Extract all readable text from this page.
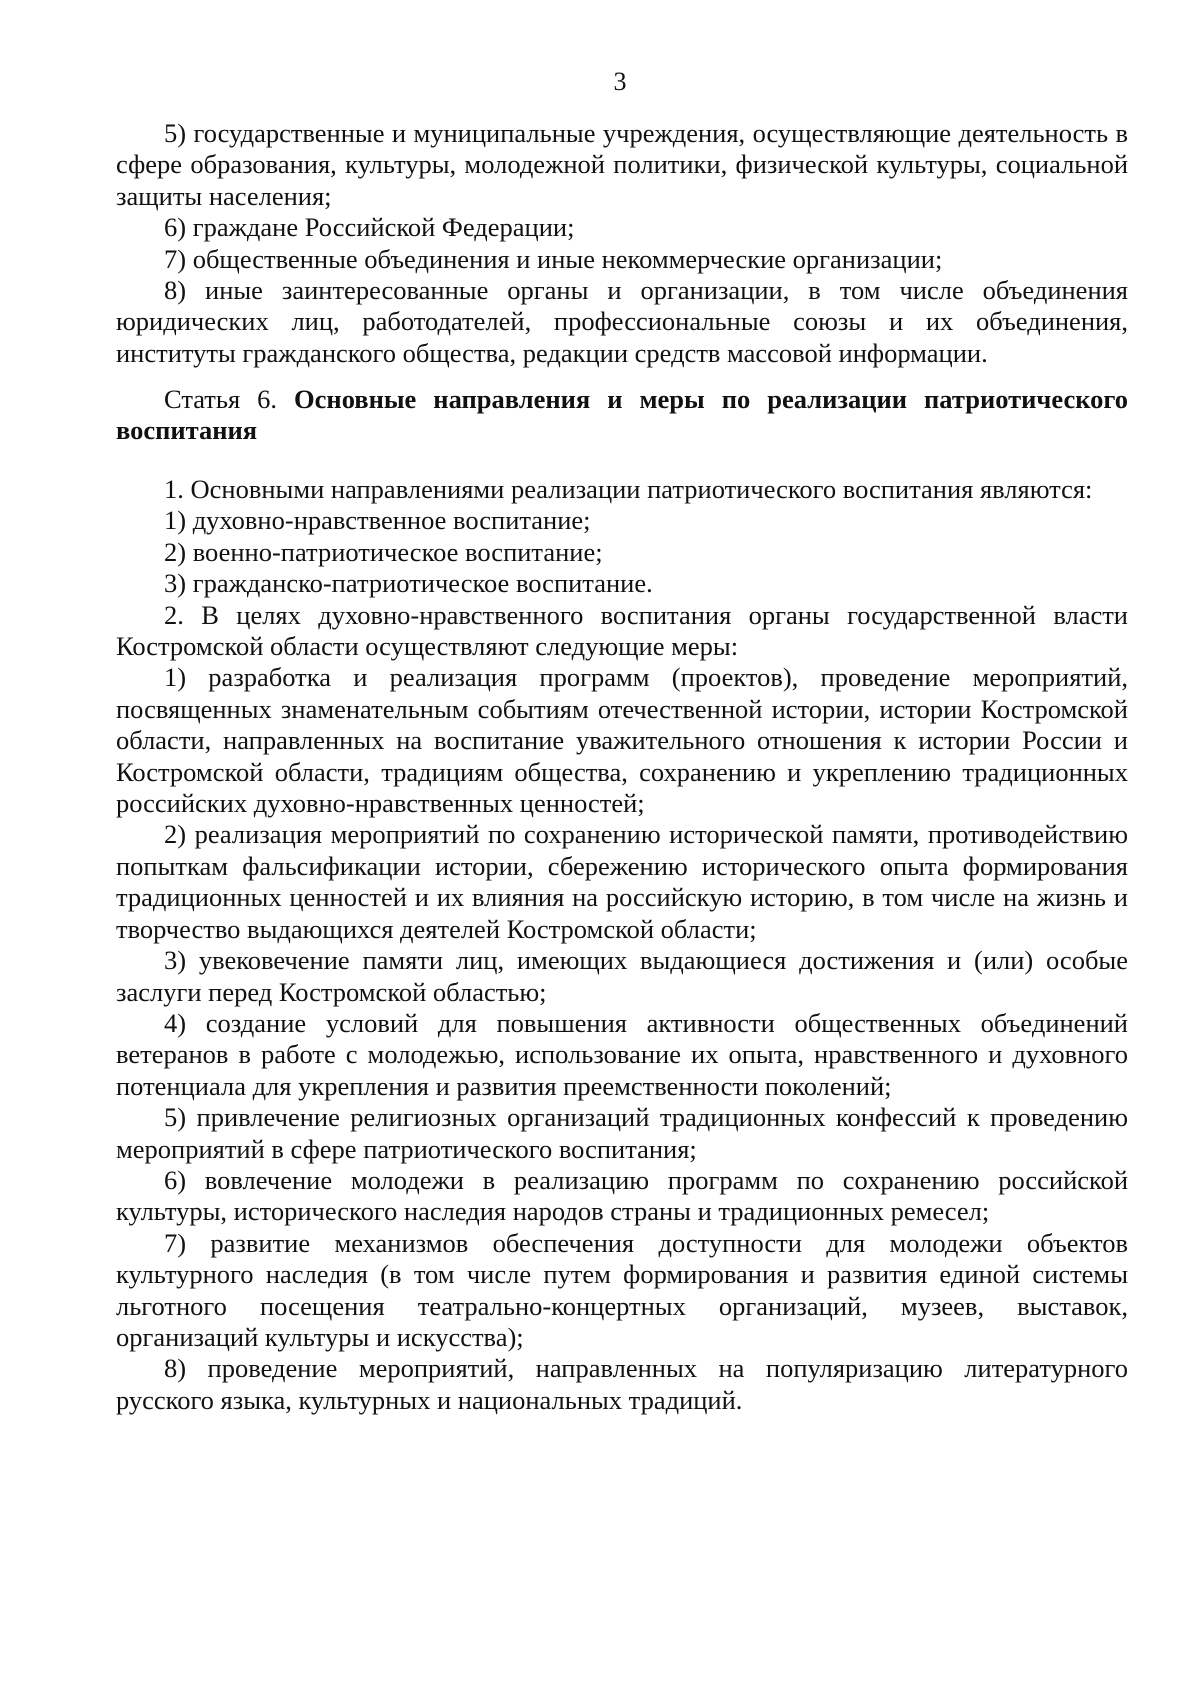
3

5) государственные и муниципальные учреждения, осуществляющие деятельность в сфере образования, культуры, молодежной политики, физической культуры, социальной защиты населения;

6) граждане Российской Федерации;

7) общественные объединения и иные некоммерческие организации;

8) иные заинтересованные органы и организации, в том числе объединения юридических лиц, работодателей, профессиональные союзы и их объединения, институты гражданского общества, редакции средств массовой информации.

Статья 6. Основные направления и меры по реализации патриотического воспитания

1. Основными направлениями реализации патриотического воспитания являются:

1) духовно-нравственное воспитание;

2) военно-патриотическое воспитание;

3) гражданско-патриотическое воспитание.

2. В целях духовно-нравственного воспитания органы государственной власти Костромской области осуществляют следующие меры:

1) разработка и реализация программ (проектов), проведение мероприятий, посвященных знаменательным событиям отечественной истории, истории Костромской области, направленных на воспитание уважительного отношения к истории России и Костромской области, традициям общества, сохранению и укреплению традиционных российских духовно-нравственных ценностей;

2) реализация мероприятий по сохранению исторической памяти, противодействию попыткам фальсификации истории, сбережению исторического опыта формирования традиционных ценностей и их влияния на российскую историю, в том числе на жизнь и творчество выдающихся деятелей Костромской области;

3) увековечение памяти лиц, имеющих выдающиеся достижения и (или) особые заслуги перед Костромской областью;

4) создание условий для повышения активности общественных объединений ветеранов в работе с молодежью, использование их опыта, нравственного и духовного потенциала для укрепления и развития преемственности поколений;

5) привлечение религиозных организаций традиционных конфессий к проведению мероприятий в сфере патриотического воспитания;

6) вовлечение молодежи в реализацию программ по сохранению российской культуры, исторического наследия народов страны и традиционных ремесел;

7) развитие механизмов обеспечения доступности для молодежи объектов культурного наследия (в том числе путем формирования и развития единой системы льготного посещения театрально-концертных организаций, музеев, выставок, организаций культуры и искусства);

8) проведение мероприятий, направленных на популяризацию литературного русского языка, культурных и национальных традиций.
